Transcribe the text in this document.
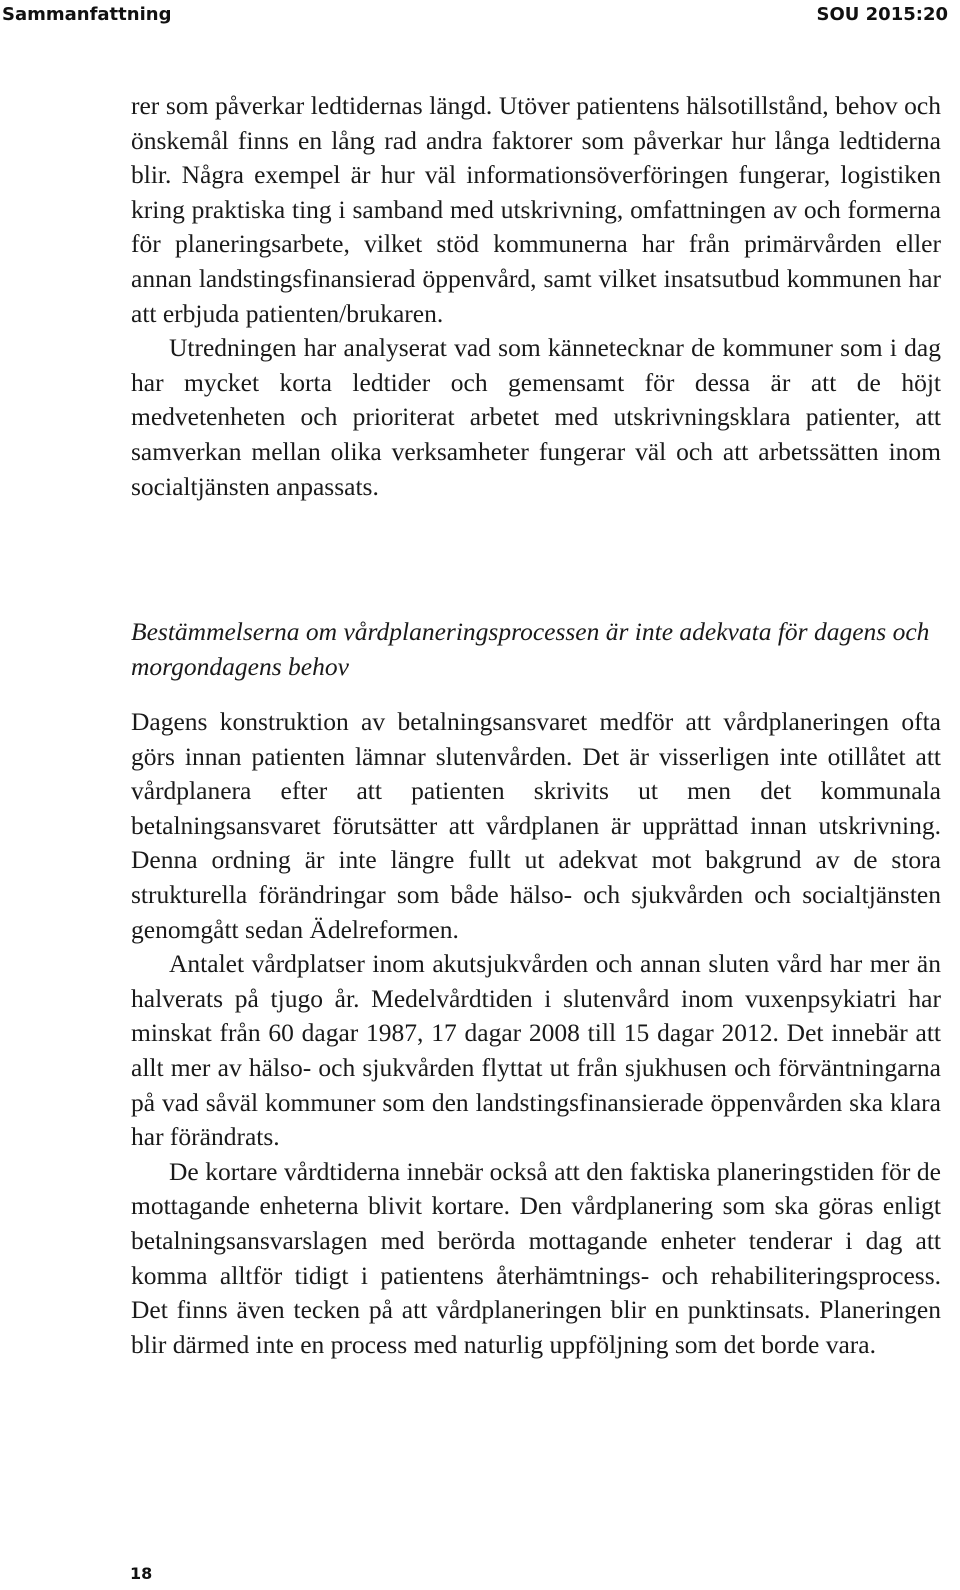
Sammanfattning	SOU 2015:20

rer som påverkar ledtidernas längd. Utöver patientens hälsotillstånd, behov och önskemål finns en lång rad andra faktorer som påverkar hur långa ledtiderna blir. Några exempel är hur väl informationsöverföringen fungerar, logistiken kring praktiska ting i samband med utskrivning, omfattningen av och formerna för planeringsarbete, vilket stöd kommunerna har från primärvården eller annan landstingsfinansierad öppenvård, samt vilket insatsutbud kommunen har att erbjuda patienten/brukaren.

Utredningen har analyserat vad som kännetecknar de kommuner som i dag har mycket korta ledtider och gemensamt för dessa är att de höjt medvetenheten och prioriterat arbetet med utskrivningsklara patienter, att samverkan mellan olika verksamheter fungerar väl och att arbetssätten inom socialtjänsten anpassats.

Bestämmelserna om vårdplaneringsprocessen är inte adekvata för dagens och morgondagens behov

Dagens konstruktion av betalningsansvaret medför att vårdplaneringen ofta görs innan patienten lämnar slutenvården. Det är visserligen inte otillåtet att vårdplanera efter att patienten skrivits ut men det kommunala betalningsansvaret förutsätter att vårdplanen är upprättad innan utskrivning. Denna ordning är inte längre fullt ut adekvat mot bakgrund av de stora strukturella förändringar som både hälso- och sjukvården och socialtjänsten genomgått sedan Ädelreformen.

Antalet vårdplatser inom akutsjukvården och annan sluten vård har mer än halverats på tjugo år. Medelvårdtiden i slutenvård inom vuxenpsykiatri har minskat från 60 dagar 1987, 17 dagar 2008 till 15 dagar 2012. Det innebär att allt mer av hälso- och sjukvården flyttat ut från sjukhusen och förväntningarna på vad såväl kommuner som den landstingsfinansierade öppenvården ska klara har förändrats.

De kortare vårdtiderna innebär också att den faktiska planeringstiden för de mottagande enheterna blivit kortare. Den vårdplanering som ska göras enligt betalningsansvarslagen med berörda mottagande enheter tenderar i dag att komma alltför tidigt i patientens återhämtnings- och rehabiliteringsprocess. Det finns även tecken på att vårdplaneringen blir en punktinsats. Planeringen blir därmed inte en process med naturlig uppföljning som det borde vara.

18
